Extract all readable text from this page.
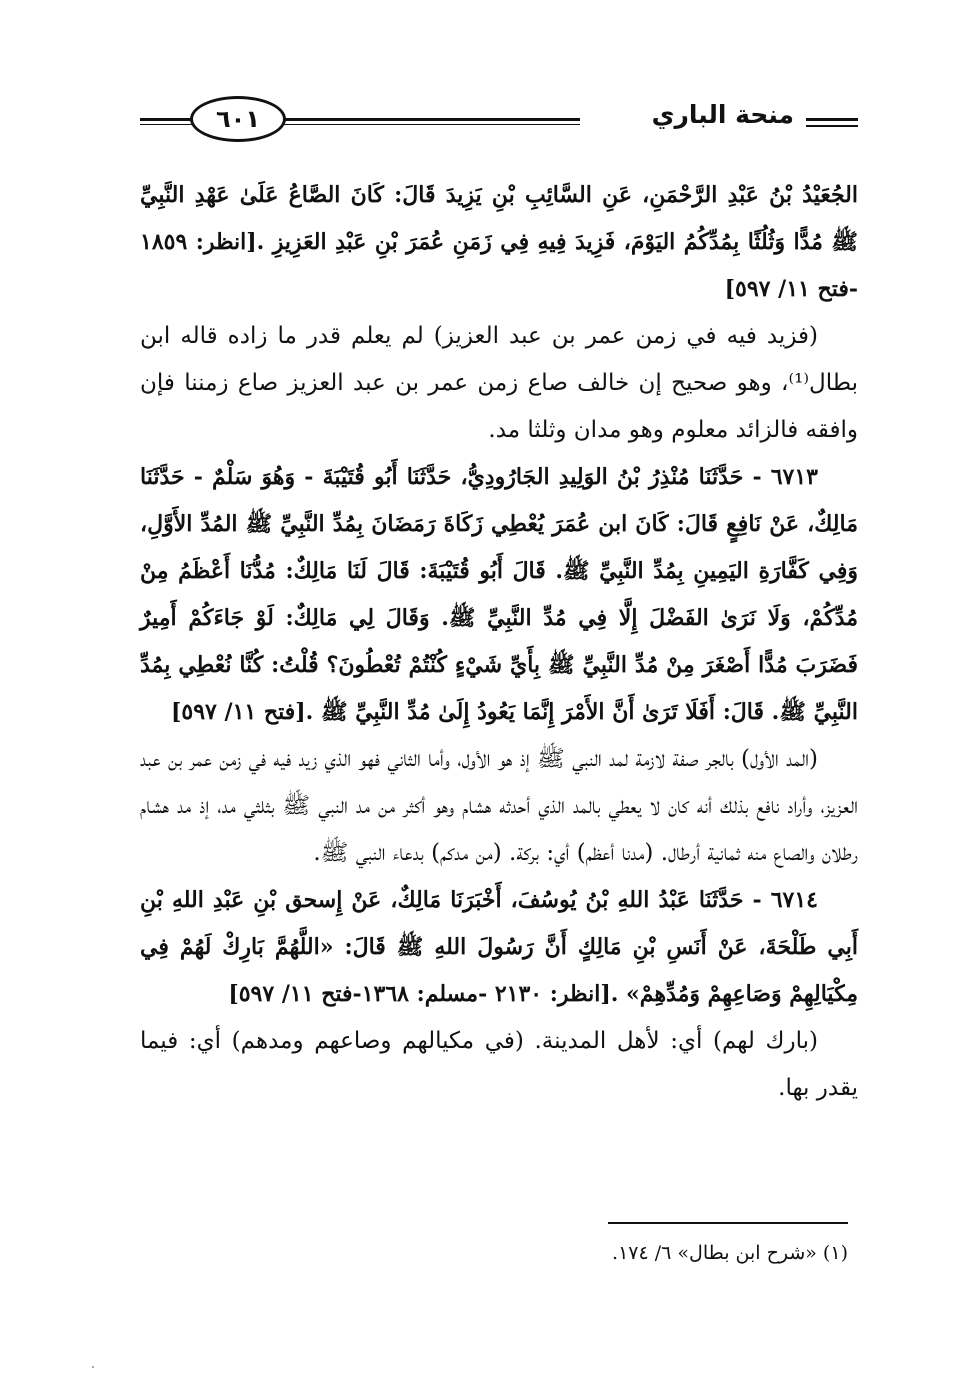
٦٠١	منحة الباري

الجُعَيْدُ بْنُ عَبْدِ الرَّحْمَنِ، عَنِ السَّائِبِ بْنِ يَزِيدَ قَالَ: كَانَ الصَّاعُ عَلَىٰ عَهْدِ النَّبِيِّ ﷺ مُدًّا وَثُلُثًا بِمُدِّكُمُ اليَوْمَ، فَزِيدَ فِيهِ فِي زَمَنِ عُمَرَ بْنِ عَبْدِ العَزِيزِ .[انظر: ١٨٥٩ -فتح ١١/ ٥٩٧]

(فزيد فيه في زمن عمر بن عبد العزيز) لم يعلم قدر ما زاده قاله ابن بطال⁽¹⁾، وهو صحيح إن خالف صاع زمن عمر بن عبد العزيز صاع زمننا فإن وافقه فالزائد معلوم وهو مدان وثلثا مد.

٦٧١٣ - حَدَّثَنَا مُنْذِرُ بْنُ الوَلِيدِ الجَارُودِيُّ، حَدَّثَنَا أَبُو قُتَيْبَةَ - وَهُوَ سَلْمٌ - حَدَّثَنَا مَالِكٌ، عَنْ نَافِعٍ قَالَ: كَانَ ابن عُمَرَ يُعْطِي زَكَاةَ رَمَضَانَ بِمُدِّ النَّبِيِّ ﷺ المُدِّ الأَوَّلِ، وَفِي كَفَّارَةِ اليَمِينِ بِمُدِّ النَّبِيِّ ﷺ. قَالَ أَبُو قُتَيْبَةَ: قَالَ لَنَا مَالِكٌ: مُدُّنَا أَعْظَمُ مِنْ مُدِّكُمْ، وَلَا نَرَىٰ الفَضْلَ إِلَّا فِي مُدِّ النَّبِيِّ ﷺ. وَقَالَ لِي مَالِكٌ: لَوْ جَاءَكُمْ أَمِيرٌ فَضَرَبَ مُدًّا أَصْغَرَ مِنْ مُدِّ النَّبِيِّ ﷺ بِأَيِّ شَيْءٍ كُنْتُمْ تُعْطُونَ؟ قُلْتُ: كُنَّا نُعْطِي بِمُدِّ النَّبِيِّ ﷺ. قَالَ: أَفَلَا تَرَىٰ أَنَّ الأَمْرَ إِنَّمَا يَعُودُ إِلَىٰ مُدِّ النَّبِيِّ ﷺ .[فتح ١١/ ٥٩٧]

(المد الأول) بالجر صفة لازمة لمد النبي ﷺ إذ هو الأول، وأما الثاني فهو الذي زيد فيه في زمن عمر بن عبد العزيز، وأراد نافع بذلك أنه كان لا يعطي بالمد الذي أحدثه هشام وهو أكثر من مد النبي ﷺ بثلثي مد، إذ مد هشام رطلان والصاع منه ثمانية أرطال. (مدنا أعظم) أي: بركة. (من مدكم) بدعاء النبي ﷺ.

٦٧١٤ - حَدَّثَنَا عَبْدُ اللهِ بْنُ يُوسُفَ، أَخْبَرَنَا مَالِكٌ، عَنْ إِسحق بْنِ عَبْدِ اللهِ بْنِ أَبِي طَلْحَةَ، عَنْ أَنَسِ بْنِ مَالِكٍ أَنَّ رَسُولَ اللهِ ﷺ قَالَ: «اللَّهُمَّ بَارِكْ لَهُمْ فِي مِكْيَالِهِمْ وَصَاعِهِمْ وَمُدِّهِمْ» .[انظر: ٢١٣٠ -مسلم: ١٣٦٨-فتح ١١/ ٥٩٧]

(بارك لهم) أي: لأهل المدينة. (في مكيالهم وصاعهم ومدهم) أي: فيما يقدر بها.

(١) «شرح ابن بطال» ٦/ ١٧٤.
